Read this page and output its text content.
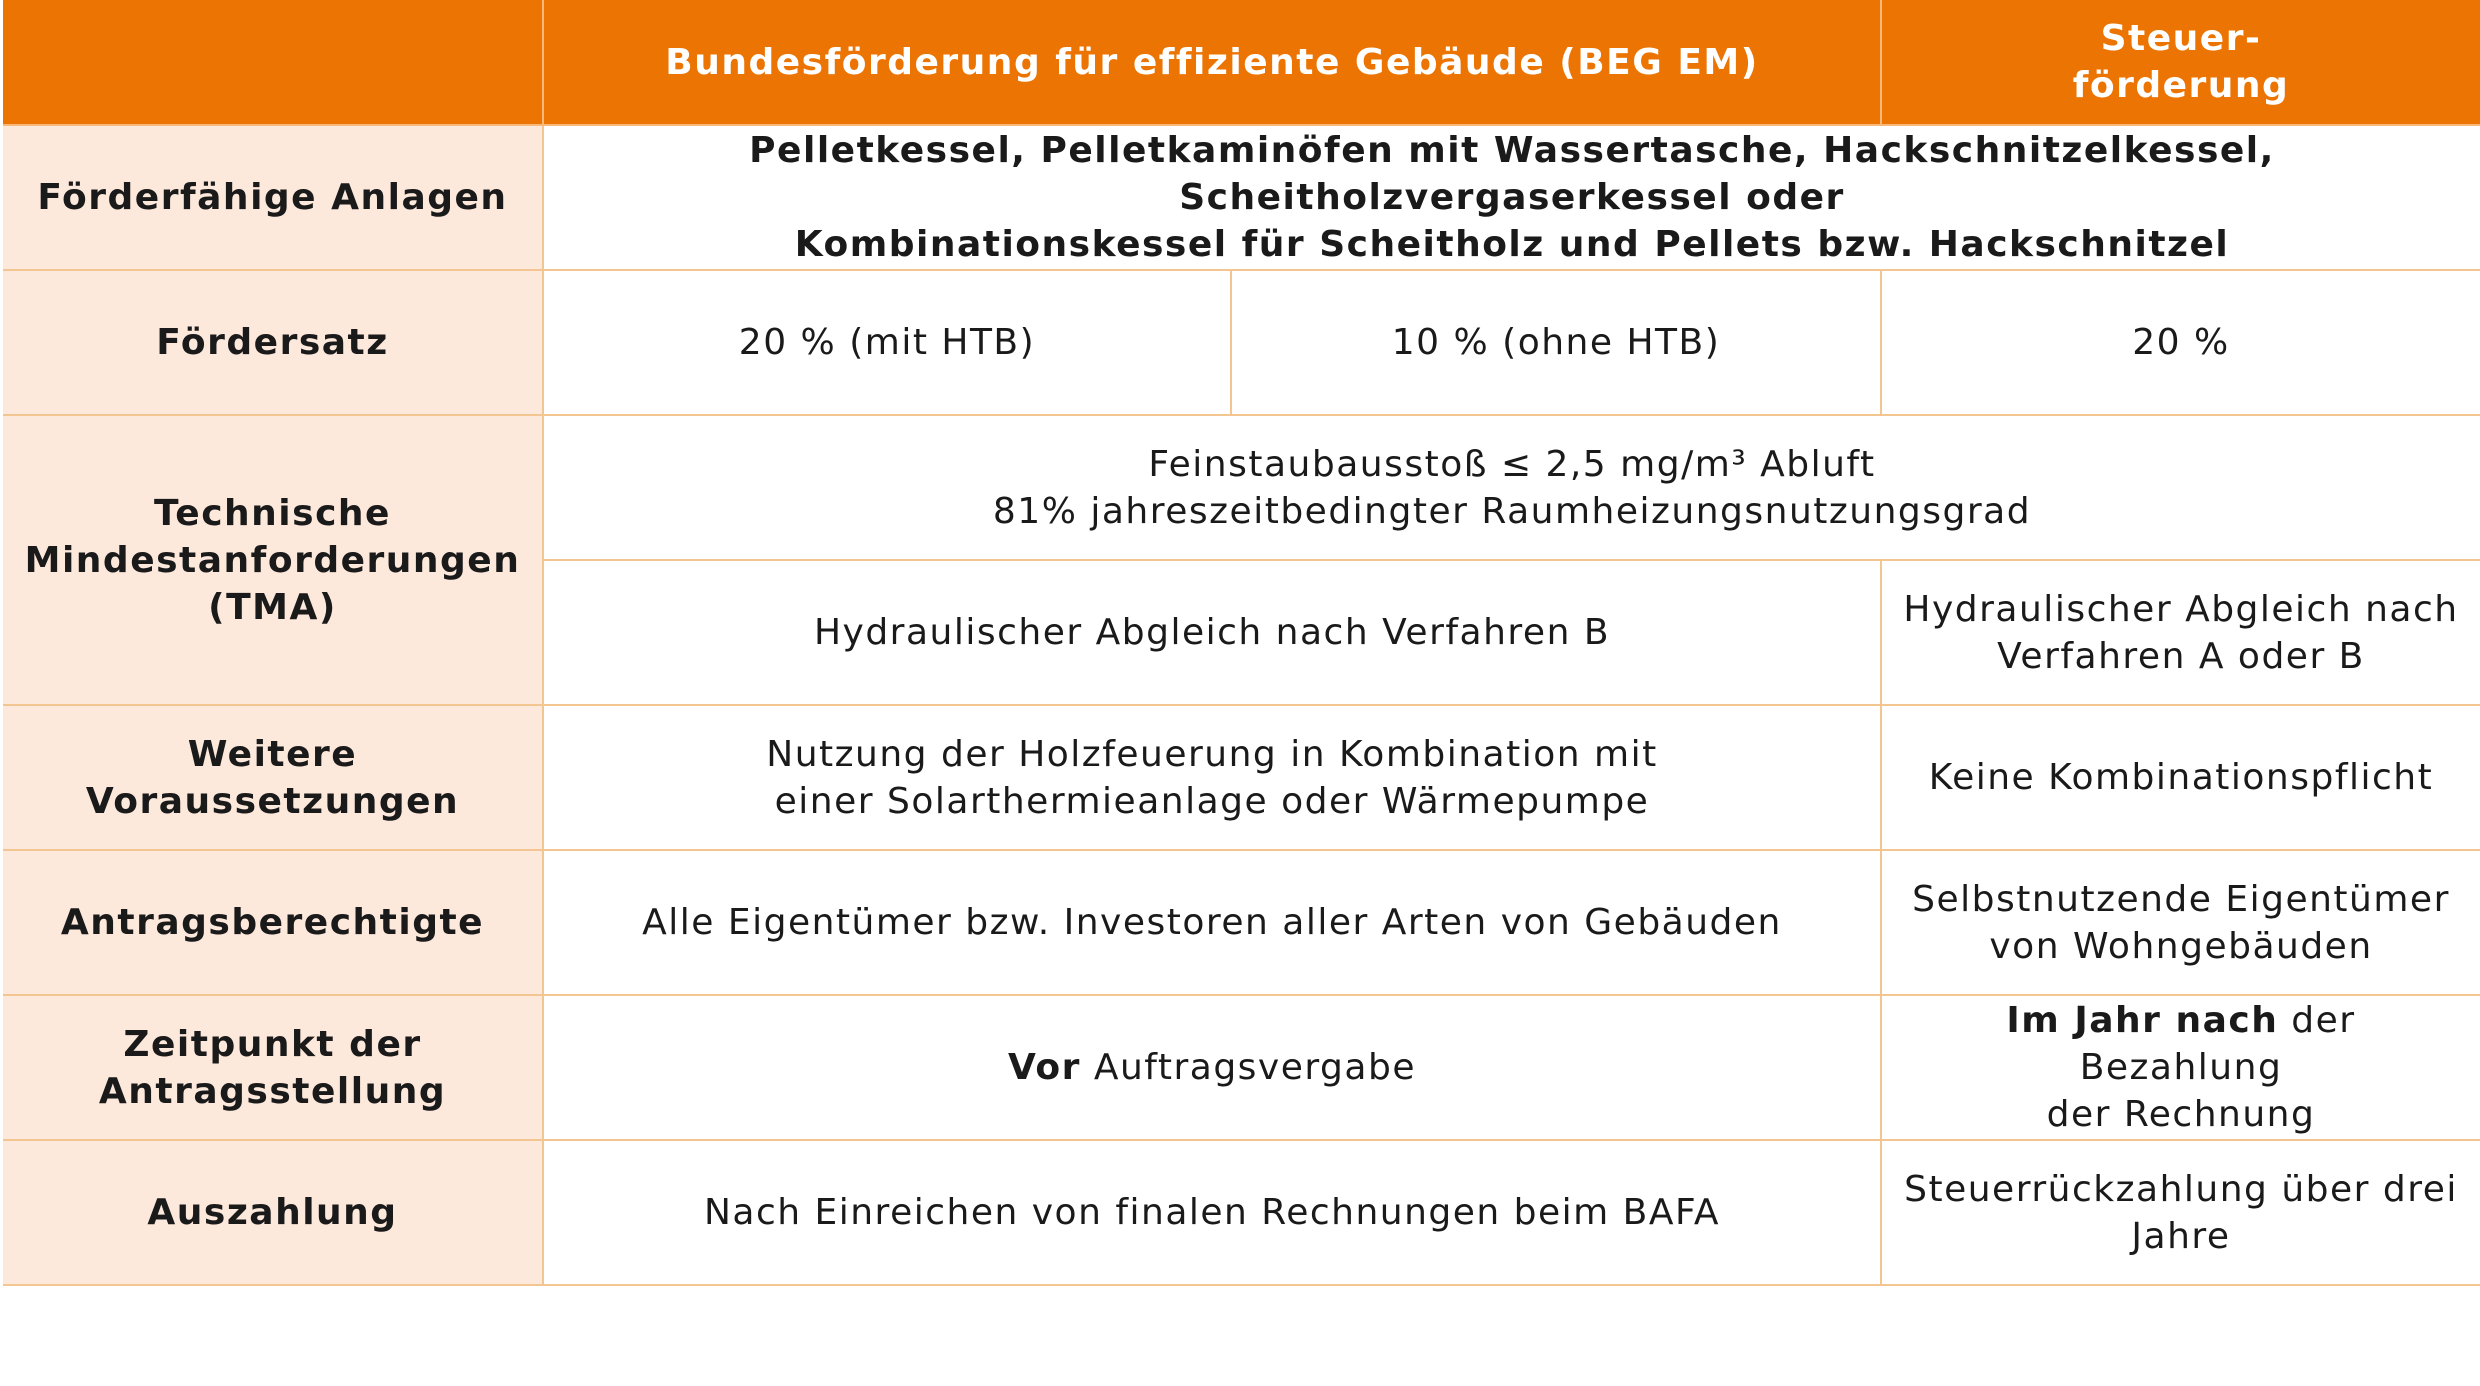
	Bundesförderung für effiziente Gebäude (BEG EM)		Steuer-
förderung
Förderfähige Anlagen	Pelletkessel, Pelletkaminöfen mit Wassertasche, Hackschnitzelkessel, Scheitholzvergaserkessel oder
Kombinationskessel für Scheitholz und Pellets bzw. Hackschnitzel		
Fördersatz	20 % (mit HTB)	10 % (ohne HTB)	20 %
Technische
Mindestanforderungen
(TMA)	Feinstaubausstoß ≤ 2,5 mg/m³ Abluft
81% jahreszeitbedingter Raumheizungsnutzungsgrad		
	Hydraulischer Abgleich nach Verfahren B		Hydraulischer Abgleich nach
Verfahren A oder B
Weitere Voraussetzungen	Nutzung der Holzfeuerung in Kombination mit
einer Solarthermieanlage oder Wärmepumpe		Keine Kombinationspflicht
Antragsberechtigte	Alle Eigentümer bzw. Investoren aller Arten von Gebäuden		Selbstnutzende Eigentümer
von Wohngebäuden
Zeitpunkt der
Antragsstellung	Vor Auftragsvergabe		Im Jahr nach der Bezahlung
der Rechnung
Auszahlung	Nach Einreichen von finalen Rechnungen beim BAFA		Steuerrückzahlung über drei
Jahre
